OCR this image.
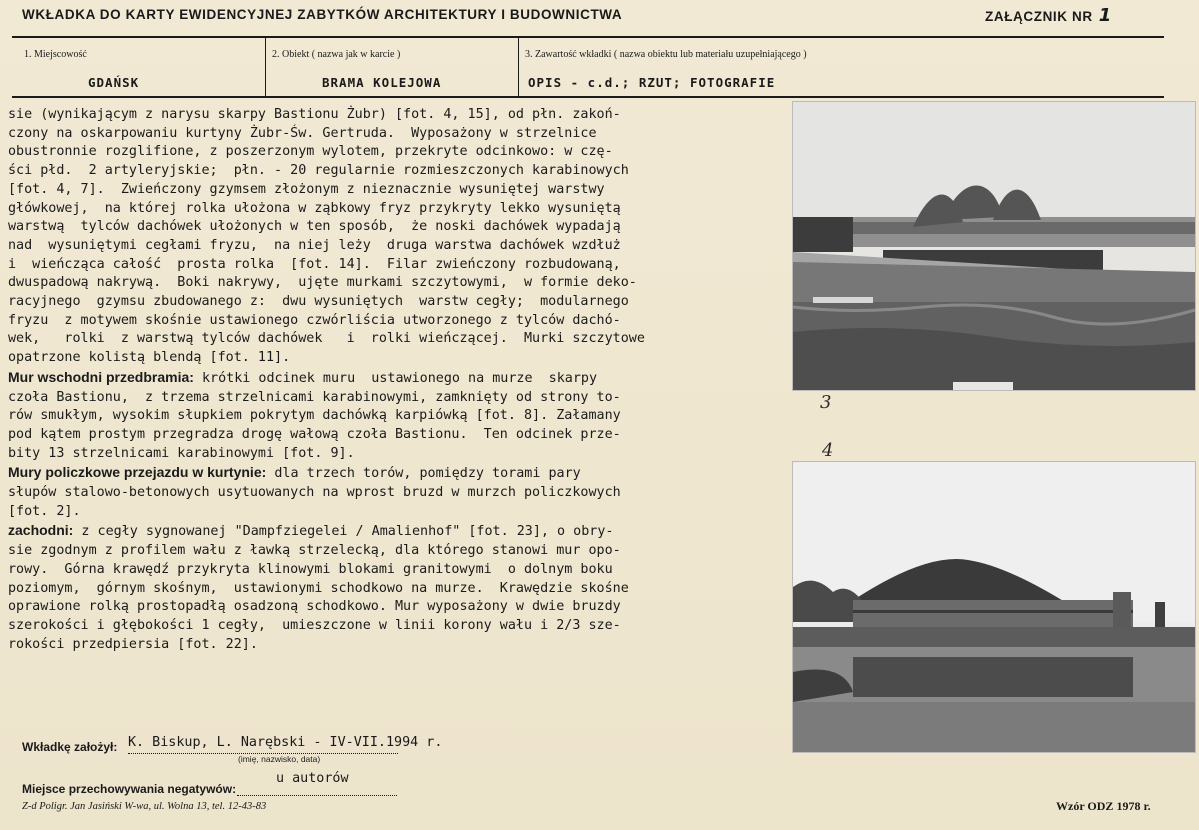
WKŁADKA DO KARTY EWIDENCYJNEJ ZABYTKÓW ARCHITEKTURY I BUDOWNICTWA	ZAŁĄCZNIK NR 1
1. Miejscowość
GDAŃSK
2. Obiekt ( nazwa jak w karcie )
BRAMA KOLEJOWA
3. Zawartość wkładki ( nazwa obiektu lub materiału uzupełniającego )
OPIS - c.d.; RZUT; FOTOGRAFIE
sie (wynikającym z narysu skarpy Bastionu Żubr) [fot. 4, 15], od płn. zakoń-
czony na oskarpowaniu kurtyny Żubr-Św. Gertruda.  Wyposażony w strzelnice
obustronnie rozglifione, z poszerzonym wylotem, przekryte odcinkowo: w czę-
ści płd.  2 artyleryjskie;  płn. - 20 regularnie rozmieszczonych karabinowych
[fot. 4, 7].  Zwieńczony gzymsem złożonym z nieznacznie wysuniętej warstwy
główkowej,  na której rolka ułożona w ząbkowy fryz przykryty lekko wysuniętą
warstwą  tylców dachówek ułożonych w ten sposób,  że noski dachówek wypadają
nad  wysuniętymi cegłami fryzu,  na niej leży  druga warstwa dachówek wzdłuż
i  wieńcząca całość  prosta rolka  [fot. 14].  Filar zwieńczony rozbudowaną,
dwuspadową nakrywą.  Boki nakrywy,  ujęte murkami szczytowymi,  w formie deko-
racyjnego  gzymsu zbudowanego z:  dwu wysuniętych  warstw cegły;  modularnego
fryzu  z motywem skośnie ustawionego czwórliścia utworzonego z tylców dachó-
wek,   rolki  z warstwą tylców dachówek   i  rolki wieńczącej.  Murki szczytowe
opatrzone kolistą blendą [fot. 11].
Mur wschodni przedbramia: krótki odcinek muru  ustawionego na murze  skarpy
czoła Bastionu,  z trzema strzelnicami karabinowymi, zamknięty od strony to-
rów smukłym, wysokim słupkiem pokrytym dachówką karpiówką [fot. 8]. Załamany
pod kątem prostym przegradza drogę wałową czoła Bastionu.  Ten odcinek prze-
bity 13 strzelnicami karabinowymi [fot. 9].
Mury policzkowe przejazdu w kurtynie: dla trzech torów, pomiędzy torami pary
słupów stalowo-betonowych usytuowanych na wprost bruzd w murzch policzkowych
[fot. 2].
zachodni: z cegły sygnowanej "Dampfziegelei / Amalienhof" [fot. 23], o obry-
sie zgodnym z profilem wału z ławką strzelecką, dla którego stanowi mur opo-
rowy.  Górna krawędź przykryta klinowymi blokami granitowymi  o dolnym boku
poziomym,  górnym skośnym,  ustawionymi schodkowo na murze.  Krawędzie skośne
oprawione rolką prostopadłą osadzoną schodkowo. Mur wyposażony w dwie bruzdy
szerokości i głębokości 1 cegły,  umieszczone w linii korony wału i 2/3 sze-
rokości przedpiersia [fot. 22].
3
4
Wkładkę założył: K. Biskup, L. Narębski - IV-VII.1994 r.
(imię, nazwisko, data)
Miejsce przechowywania negatywów:
u autorów
Z-d Poligr. Jan Jasiński W-wa, ul. Wolna 13, tel. 12-43-83	Wzór ODZ 1978 r.
